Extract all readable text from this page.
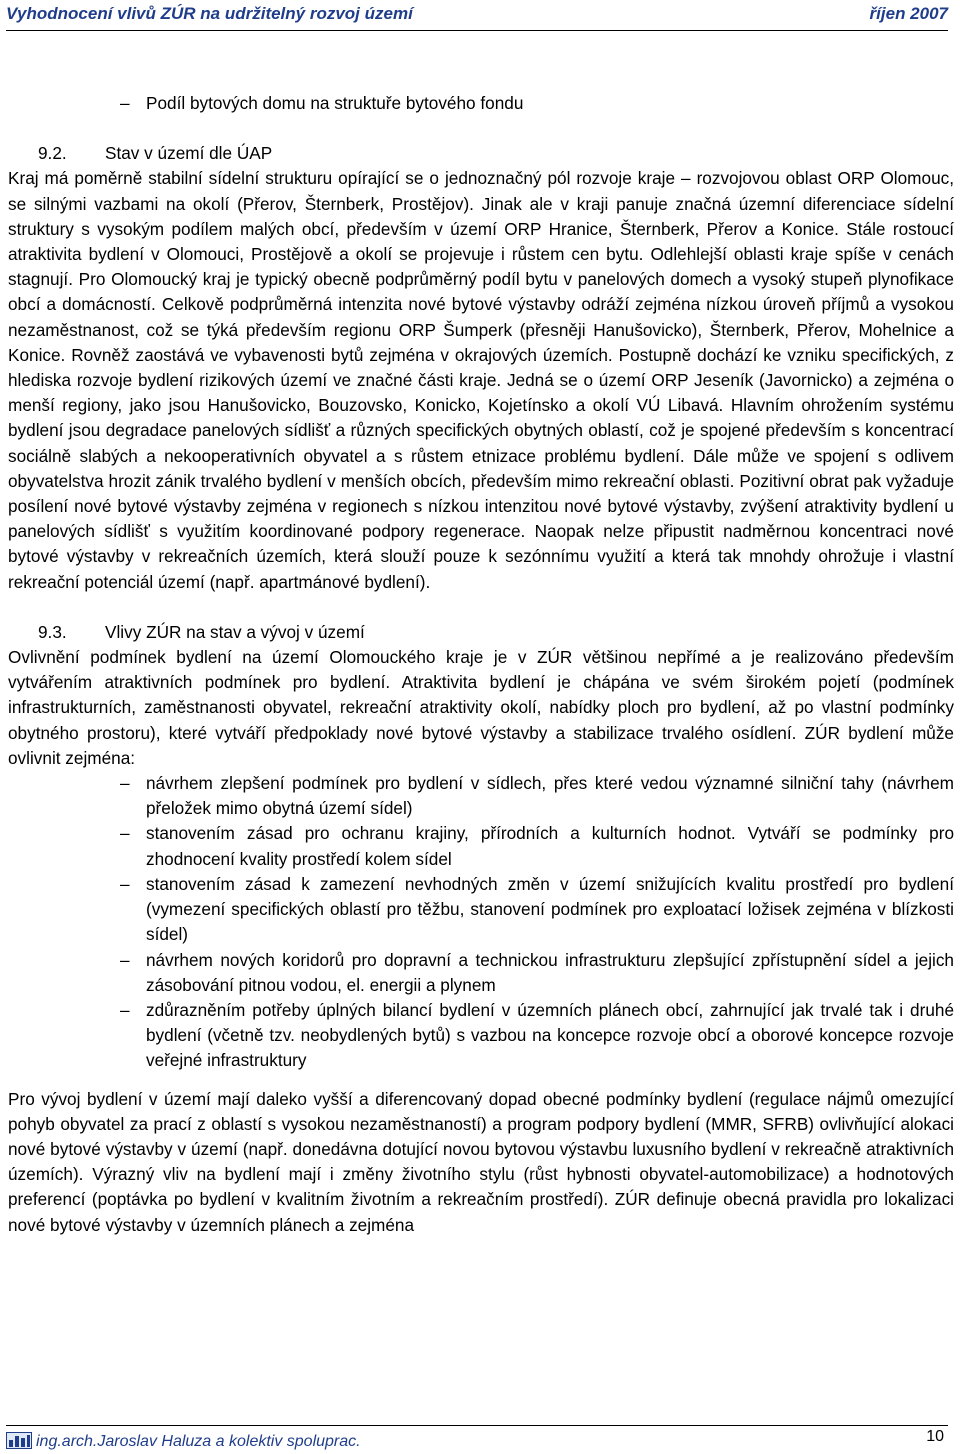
Vyhodnocení vlivů ZÚR na udržitelný rozvoj území	říjen 2007

– Podíl bytových domu na struktuře bytového fondu

9.2. Stav v území dle ÚAP

Kraj má poměrně stabilní sídelní strukturu opírající se o jednoznačný pól rozvoje kraje – rozvojovou oblast ORP Olomouc, se silnými vazbami na okolí (Přerov, Šternberk, Prostějov). Jinak ale v kraji panuje značná územní diferenciace sídelní struktury s vysokým podílem malých obcí, především v území ORP Hranice, Šternberk, Přerov a Konice. Stále rostoucí atraktivita bydlení v Olomouci, Prostějově a okolí se projevuje i růstem cen bytu. Odlehlejší oblasti kraje spíše v cenách stagnují. Pro Olomoucký kraj je typický obecně podprůměrný podíl bytu v panelových domech a vysoký stupeň plynofikace obcí a domácností. Celkově podprůměrná intenzita nové bytové výstavby odráží zejména nízkou úroveň příjmů a vysokou nezaměstnanost, což se týká především regionu ORP Šumperk (přesněji Hanušovicko), Šternberk, Přerov, Mohelnice a Konice. Rovněž zaostává ve vybavenosti bytů zejména v okrajových územích. Postupně dochází ke vzniku specifických, z hlediska rozvoje bydlení rizikových území ve značné části kraje. Jedná se o území ORP Jeseník (Javornicko) a zejména o menší regiony, jako jsou Hanušovicko, Bouzovsko, Konicko, Kojetínsko a okolí VÚ Libavá. Hlavním ohrožením systému bydlení jsou degradace panelových sídlišť a různých specifických obytných oblastí, což je spojené především s koncentrací sociálně slabých a nekooperativních obyvatel a s růstem etnizace problému bydlení. Dále může ve spojení s odlivem obyvatelstva hrozit zánik trvalého bydlení v menších obcích, především mimo rekreační oblasti. Pozitivní obrat pak vyžaduje posílení nové bytové výstavby zejména v regionech s nízkou intenzitou nové bytové výstavby, zvýšení atraktivity bydlení u panelových sídlišť s využitím koordinované podpory regenerace. Naopak nelze připustit nadměrnou koncentraci nové bytové výstavby v rekreačních územích, která slouží pouze k sezónnímu využití a která tak mnohdy ohrožuje i vlastní rekreační potenciál území (např. apartmánové bydlení).

9.3. Vlivy ZÚR na stav a vývoj v území

Ovlivnění podmínek bydlení na území Olomouckého kraje je v ZÚR většinou nepřímé a je realizováno především vytvářením atraktivních podmínek pro bydlení. Atraktivita bydlení je chápána ve svém širokém pojetí (podmínek infrastrukturních, zaměstnanosti obyvatel, rekreační atraktivity okolí, nabídky ploch pro bydlení, až po vlastní podmínky obytného prostoru), které vytváří předpoklady nové bytové výstavby a stabilizace trvalého osídlení. ZÚR bydlení může ovlivnit zejména:

– návrhem zlepšení podmínek pro bydlení v sídlech, přes které vedou významné silniční tahy (návrhem přeložek mimo obytná území sídel)
– stanovením zásad pro ochranu krajiny, přírodních a kulturních hodnot. Vytváří se podmínky pro zhodnocení kvality prostředí kolem sídel
– stanovením zásad k zamezení nevhodných změn v území snižujících kvalitu prostředí pro bydlení (vymezení specifických oblastí pro těžbu, stanovení podmínek pro exploatací ložisek zejména v blízkosti sídel)
– návrhem nových koridorů pro dopravní a technickou infrastrukturu zlepšující zpřístupnění sídel a jejich zásobování pitnou vodou, el. energii a plynem
– zdůrazněním potřeby úplných bilancí bydlení v územních plánech obcí, zahrnující jak trvalé tak i druhé bydlení (včetně tzv. neobydlených bytů) s vazbou na koncepce rozvoje obcí a oborové koncepce rozvoje veřejné infrastruktury

Pro vývoj bydlení v území mají daleko vyšší a diferencovaný dopad obecné podmínky bydlení (regulace nájmů omezující pohyb obyvatel za prací z oblastí s vysokou nezaměstnaností) a program podpory bydlení (MMR, SFRB) ovlivňující alokaci nové bytové výstavby v území (např. donedávna dotující novou bytovou výstavbu luxusního bydlení v rekreačně atraktivních územích). Výrazný vliv na bydlení mají i změny životního stylu (růst hybnosti obyvatel-automobilizace) a hodnotových preferencí (poptávka po bydlení v kvalitním životním a rekreačním prostředí). ZÚR definuje obecná pravidla pro lokalizaci nové bytové výstavby v územních plánech a zejména

ing.arch.Jaroslav Haluza a kolektiv spoluprac.	10
